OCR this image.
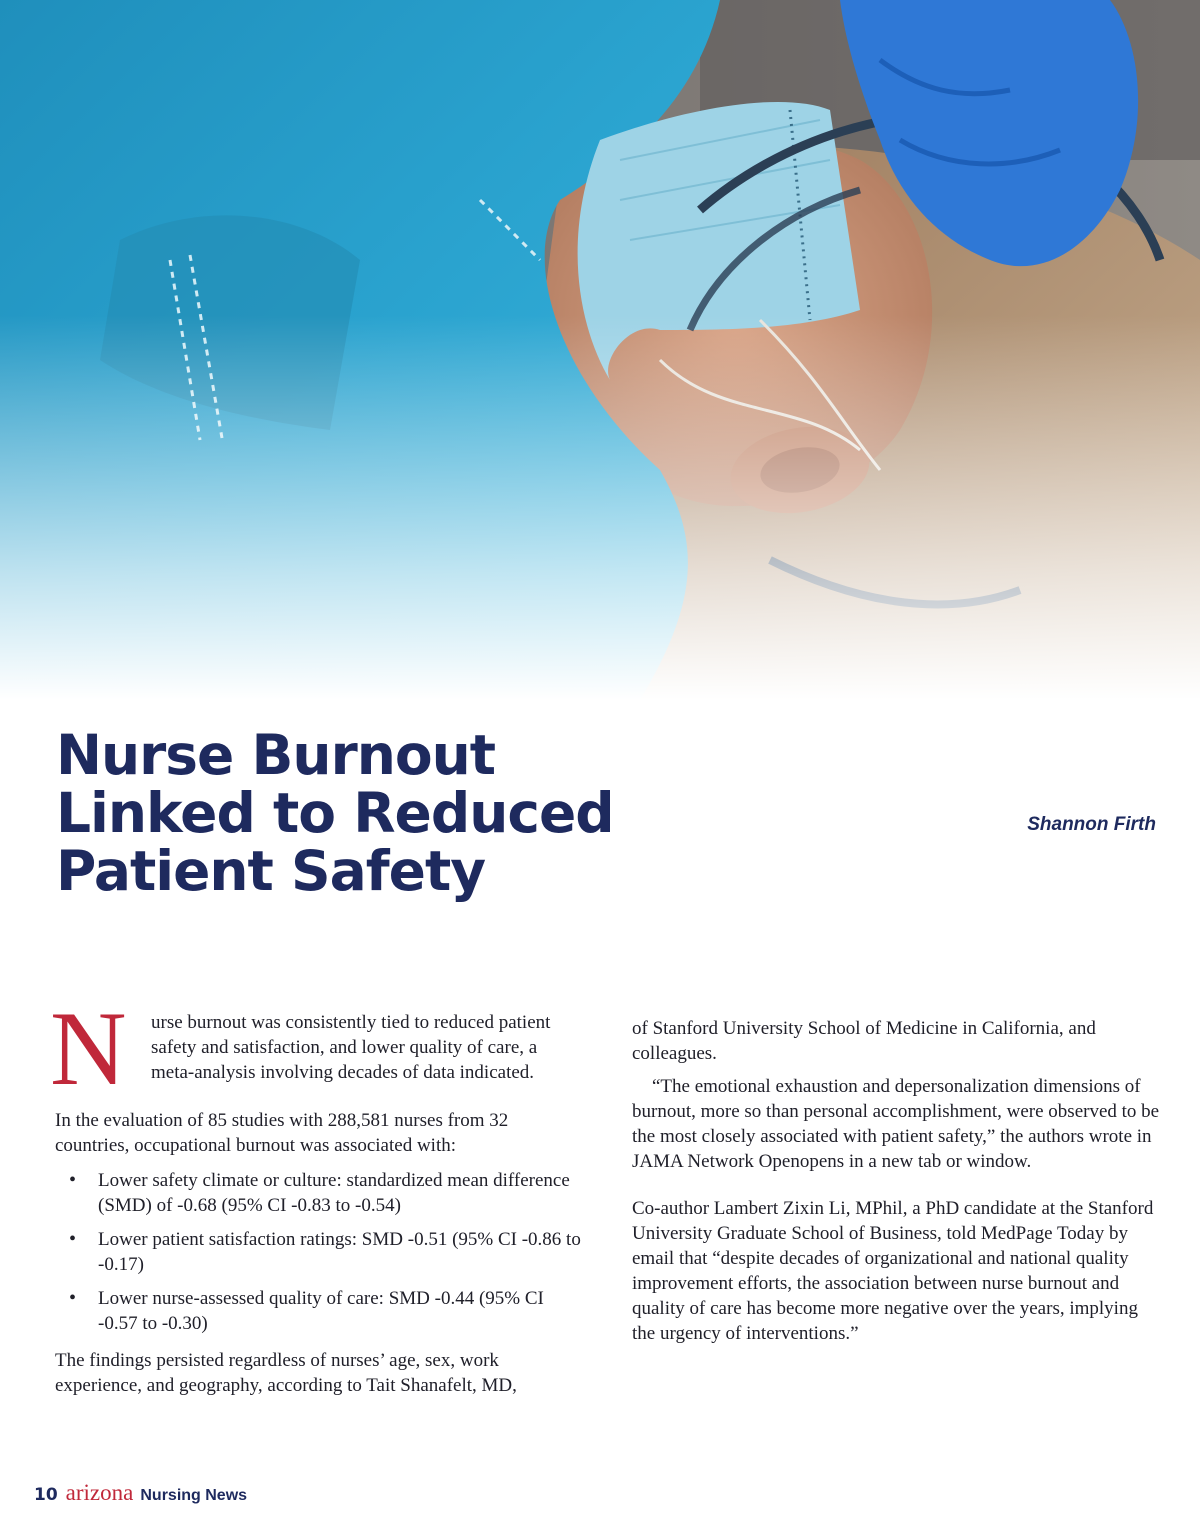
Nurse Burnout
Linked to Reduced
Patient Safety

Shannon Firth

N urse burnout was consistently tied to reduced patient safety and satisfaction, and lower quality of care, a meta-analysis involving decades of data indicated.

In the evaluation of 85 studies with 288,581 nurses from 32 countries, occupational burnout was associated with:

• Lower safety climate or culture: standardized mean difference (SMD) of -0.68 (95% CI -0.83 to -0.54)
• Lower patient satisfaction ratings: SMD -0.51 (95% CI -0.86 to -0.17)
• Lower nurse-assessed quality of care: SMD -0.44 (95% CI -0.57 to -0.30)

The findings persisted regardless of nurses’ age, sex, work experience, and geography, according to Tait Shanafelt, MD,

of Stanford University School of Medicine in California, and colleagues.

“The emotional exhaustion and depersonalization dimensions of burnout, more so than personal accomplishment, were observed to be the most closely associated with patient safety,” the authors wrote in JAMA Network Openopens in a new tab or window.

Co-author Lambert Zixin Li, MPhil, a PhD candidate at the Stanford University Graduate School of Business, told MedPage Today by email that “despite decades of organizational and national quality improvement efforts, the association between nurse burnout and quality of care has become more negative over the years, implying the urgency of interventions.”

10 arizona Nursing News
